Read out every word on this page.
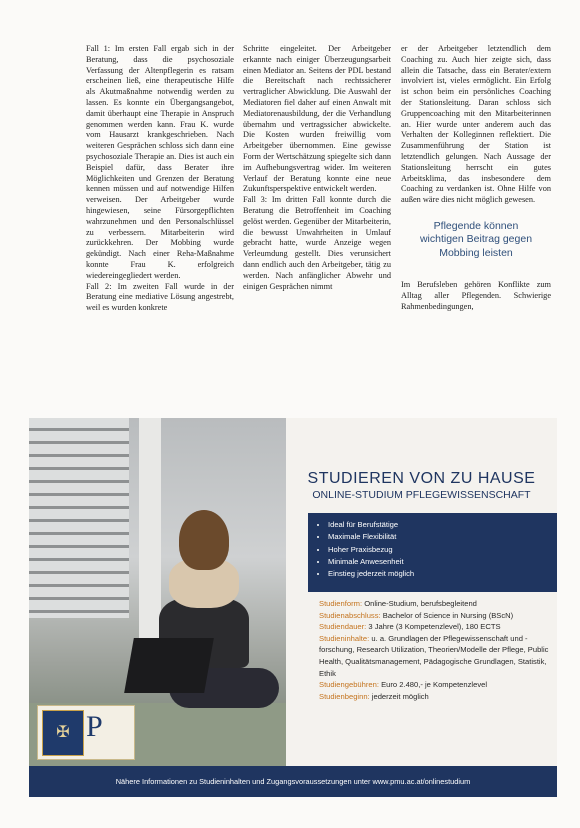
Fall 1: Im ersten Fall ergab sich in der Beratung, dass die psychosoziale Verfassung der Altenpflegerin es ratsam erscheinen ließ, eine therapeutische Hilfe als Akutmaßnahme notwendig werden zu lassen. Es konnte ein Übergangsangebot, damit überhaupt eine Therapie in Anspruch genommen werden kann. Frau K. wurde vom Hausarzt krankgeschrieben. Nach weiteren Gesprächen schloss sich dann eine psychosoziale Therapie an. Dies ist auch ein Beispiel dafür, dass Berater ihre Möglichkeiten und Grenzen der Beratung kennen müssen und auf notwendige Hilfen verweisen. Der Arbeitgeber wurde hingewiesen, seine Fürsorgepflichten wahrzunehmen und den Personalschlüssel zu verbessern. Mitarbeiterin wird zurückkehren. Der Mobbing wurde gekündigt. Nach einer Reha-Maßnahme konnte Frau K. erfolgreich wiedereingegliedert werden.

Fall 2: Im zweiten Fall wurde in der Beratung eine mediative Lösung angestrebt, weil es wurden konkrete

Schritte eingeleitet. Der Arbeitgeber erkannte nach einiger Überzeugungsarbeit einen Mediator an. Seitens der PDL bestand die Bereitschaft nach rechtssicherer vertraglicher Abwicklung. Die Auswahl der Mediatoren fiel daher auf einen Anwalt mit Mediatorenausbildung, der die Verhandlung übernahm und vertragssicher abwickelte. Die Kosten wurden freiwillig vom Arbeitgeber übernommen. Eine gewisse Form der Wertschätzung spiegelte sich dann im Aufhebungsvertrag wider. Im weiteren Verlauf der Beratung konnte eine neue Zukunftsperspektive entwickelt werden.

Fall 3: Im dritten Fall konnte durch die Beratung die Betroffenheit im Coaching gelöst werden. Gegenüber der Mitarbeiterin, die bewusst Unwahrheiten in Umlauf gebracht hatte, wurde Anzeige wegen Verleumdung gestellt. Dies verunsichert dann endlich auch den Arbeitgeber, tätig zu werden. Nach anfänglicher Abwehr und einigen Gesprächen nimmt

er der Arbeitgeber letztendlich dem Coaching zu. Auch hier zeigte sich, dass allein die Tatsache, dass ein Berater/extern involviert ist, vieles ermöglicht. Ein Erfolg ist schon beim ein persönliches Coaching der Stationsleitung. Daran schloss sich Gruppencoaching mit den Mitarbeiterinnen an. Hier wurde unter anderem auch das Verhalten der Kolleginnen reflektiert. Die Zusammenführung der Station ist letztendlich gelungen. Nach Aussage der Stationsleitung herrscht ein gutes Arbeitsklima, das insbesondere dem Coaching zu verdanken ist. Ohne Hilfe von außen wäre dies nicht möglich gewesen.

Pflegende können
wichtigen Beitrag gegen
Mobbing leisten

Im Berufsleben gehören Konflikte zum Alltag aller Pflegenden. Schwierige Rahmenbedingungen,

✠ P
STUDIEREN VON ZU HAUSE
ONLINE-STUDIUM PFLEGEWISSENSCHAFT
• Ideal für Berufstätige
• Maximale Flexibilität
• Hoher Praxisbezug
• Minimale Anwesenheit
• Einstieg jederzeit möglich

Studienform: Online-Studium, berufsbegleitend

Studienabschluss: Bachelor of Science in Nursing (BScN)

Studiendauer: 3 Jahre (3 Kompetenzlevel), 180 ECTS

Studieninhalte: u. a. Grundlagen der Pflegewissenschaft und -forschung, Research Utilization, Theorien/Modelle der Pflege, Public Health, Qualitätsmanagement, Pädagogische Grundlagen, Statistik, Ethik

Studiengebühren: Euro 2.480,- je Kompetenzlevel

Studienbeginn: jederzeit möglich

Nähere Informationen zu Studieninhalten und Zugangsvoraussetzungen unter www.pmu.ac.at/onlinestudium
